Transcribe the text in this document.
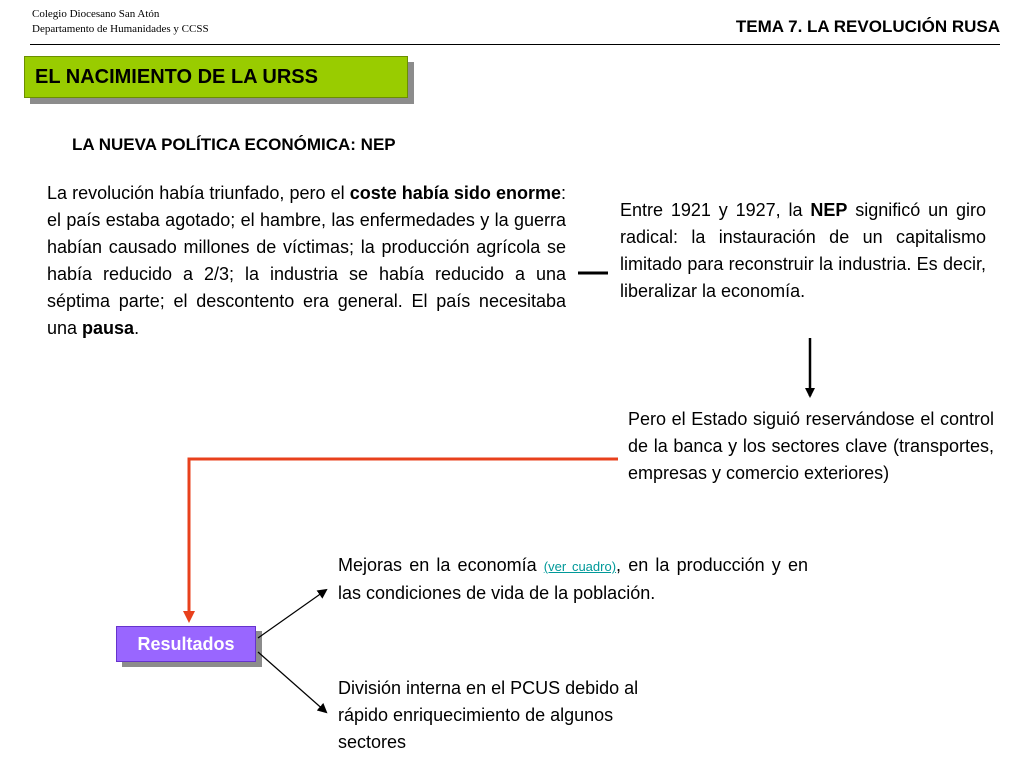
Colegio Diocesano San Atón
Departamento de Humanidades y CCSS	TEMA 7. LA REVOLUCIÓN RUSA
EL NACIMIENTO DE LA URSS
LA NUEVA POLÍTICA ECONÓMICA: NEP
La revolución había triunfado, pero el coste había sido enorme: el país estaba agotado; el hambre, las enfermedades y la guerra habían causado millones de víctimas; la producción agrícola se había reducido a 2/3; la industria se había reducido a una séptima parte; el descontento era general. El país necesitaba una pausa.
Entre 1921 y 1927, la NEP significó un giro radical: la instauración de un capitalismo limitado para reconstruir la industria. Es decir, liberalizar la economía.
Pero el Estado siguió reservándose el control de la banca y los sectores clave (transportes, empresas y comercio exteriores)
Mejoras en la economía (ver cuadro), en la producción y en las condiciones de vida de la población.
División interna en el PCUS debido al rápido enriquecimiento de algunos sectores
Resultados
